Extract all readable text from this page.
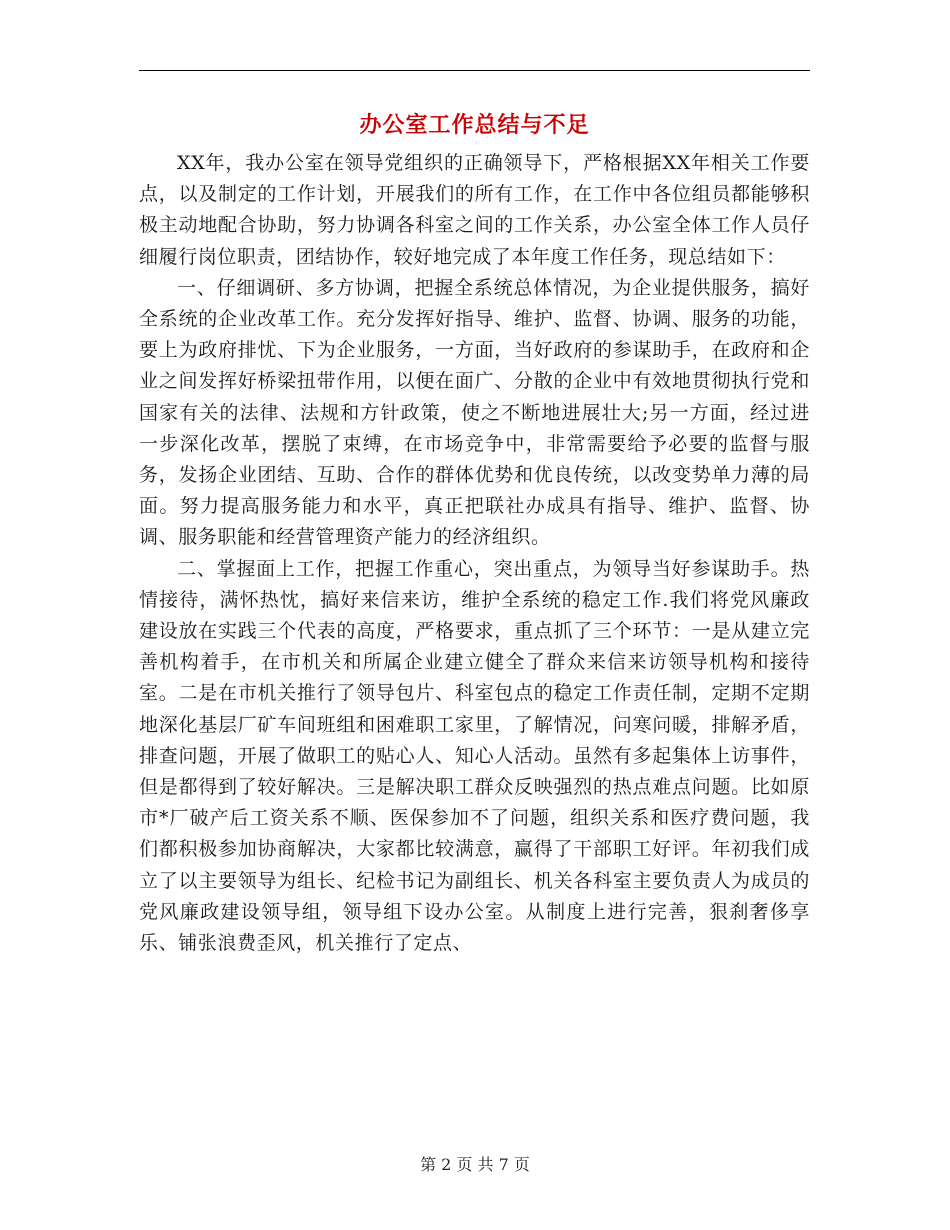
办公室工作总结与不足

XX年，我办公室在领导党组织的正确领导下，严格根据XX年相关工作要点，以及制定的工作计划，开展我们的所有工作，在工作中各位组员都能够积极主动地配合协助，努力协调各科室之间的工作关系，办公室全体工作人员仔细履行岗位职责，团结协作，较好地完成了本年度工作任务，现总结如下：

一、仔细调研、多方协调，把握全系统总体情况，为企业提供服务，搞好全系统的企业改革工作。充分发挥好指导、维护、监督、协调、服务的功能，要上为政府排忧、下为企业服务，一方面，当好政府的参谋助手，在政府和企业之间发挥好桥梁扭带作用，以便在面广、分散的企业中有效地贯彻执行党和国家有关的法律、法规和方针政策，使之不断地进展壮大;另一方面，经过进一步深化改革，摆脱了束缚，在市场竞争中，非常需要给予必要的监督与服务，发扬企业团结、互助、合作的群体优势和优良传统，以改变势单力薄的局面。努力提高服务能力和水平，真正把联社办成具有指导、维护、监督、协调、服务职能和经营管理资产能力的经济组织。

二、掌握面上工作，把握工作重心，突出重点，为领导当好参谋助手。热情接待，满怀热忱，搞好来信来访，维护全系统的稳定工作.我们将党风廉政建设放在实践三个代表的高度，严格要求，重点抓了三个环节：一是从建立完善机构着手，在市机关和所属企业建立健全了群众来信来访领导机构和接待室。二是在市机关推行了领导包片、科室包点的稳定工作责任制，定期不定期地深化基层厂矿车间班组和困难职工家里，了解情况，问寒问暖，排解矛盾，排查问题，开展了做职工的贴心人、知心人活动。虽然有多起集体上访事件，但是都得到了较好解决。三是解决职工群众反映强烈的热点难点问题。比如原市*厂破产后工资关系不顺、医保参加不了问题，组织关系和医疗费问题，我们都积极参加协商解决，大家都比较满意，赢得了干部职工好评。年初我们成立了以主要领导为组长、纪检书记为副组长、机关各科室主要负责人为成员的党风廉政建设领导组，领导组下设办公室。从制度上进行完善，狠刹奢侈享乐、铺张浪费歪风，机关推行了定点、

第 2 页 共 7 页
